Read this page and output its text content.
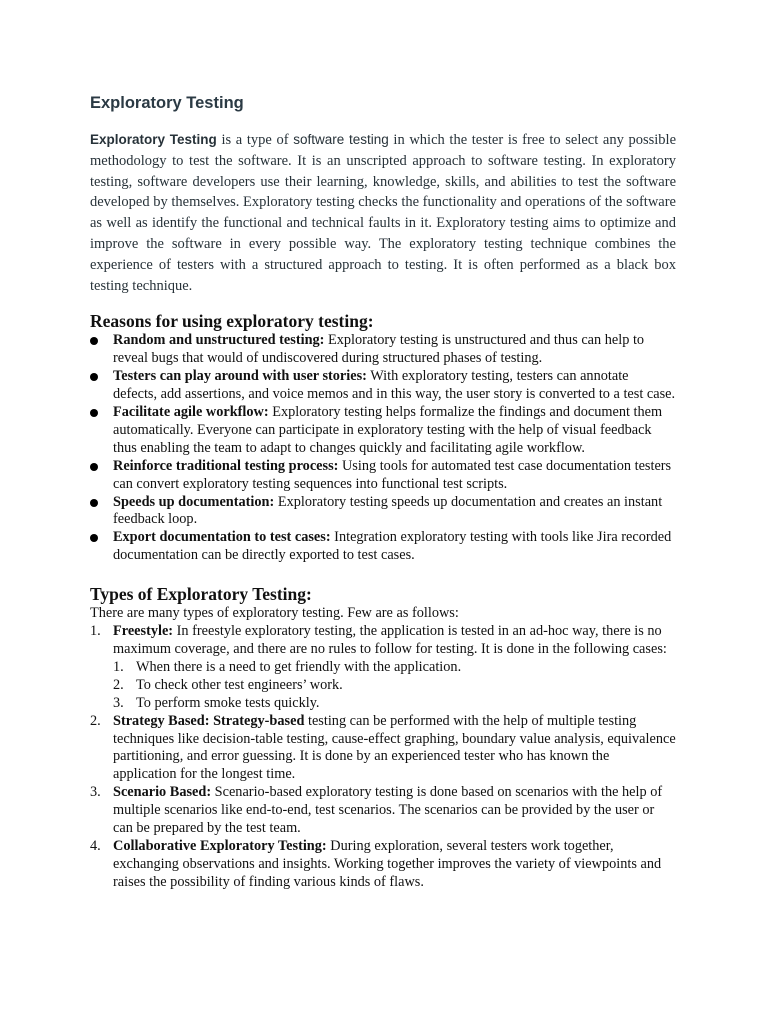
Exploratory Testing

Exploratory Testing is a type of software testing in which the tester is free to select any possible methodology to test the software. It is an unscripted approach to software testing. In exploratory testing, software developers use their learning, knowledge, skills, and abilities to test the software developed by themselves. Exploratory testing checks the functionality and operations of the software as well as identify the functional and technical faults in it. Exploratory testing aims to optimize and improve the software in every possible way. The exploratory testing technique combines the experience of testers with a structured approach to testing. It is often performed as a black box testing technique.

Reasons for using exploratory testing:
Random and unstructured testing: Exploratory testing is unstructured and thus can help to reveal bugs that would of undiscovered during structured phases of testing.
Testers can play around with user stories: With exploratory testing, testers can annotate defects, add assertions, and voice memos and in this way, the user story is converted to a test case.
Facilitate agile workflow: Exploratory testing helps formalize the findings and document them automatically. Everyone can participate in exploratory testing with the help of visual feedback thus enabling the team to adapt to changes quickly and facilitating agile workflow.
Reinforce traditional testing process: Using tools for automated test case documentation testers can convert exploratory testing sequences into functional test scripts.
Speeds up documentation: Exploratory testing speeds up documentation and creates an instant feedback loop.
Export documentation to test cases: Integration exploratory testing with tools like Jira recorded documentation can be directly exported to test cases.
Types of Exploratory Testing:
There are many types of exploratory testing. Few are as follows:
1. Freestyle: In freestyle exploratory testing, the application is tested in an ad-hoc way, there is no maximum coverage, and there are no rules to follow for testing. It is done in the following cases:
1. When there is a need to get friendly with the application.
2. To check other test engineers’ work.
3. To perform smoke tests quickly.
2. Strategy Based: Strategy-based testing can be performed with the help of multiple testing techniques like decision-table testing, cause-effect graphing, boundary value analysis, equivalence partitioning, and error guessing. It is done by an experienced tester who has known the application for the longest time.
3. Scenario Based: Scenario-based exploratory testing is done based on scenarios with the help of multiple scenarios like end-to-end, test scenarios. The scenarios can be provided by the user or can be prepared by the test team.
4. Collaborative Exploratory Testing: During exploration, several testers work together, exchanging observations and insights. Working together improves the variety of viewpoints and raises the possibility of finding various kinds of flaws.
